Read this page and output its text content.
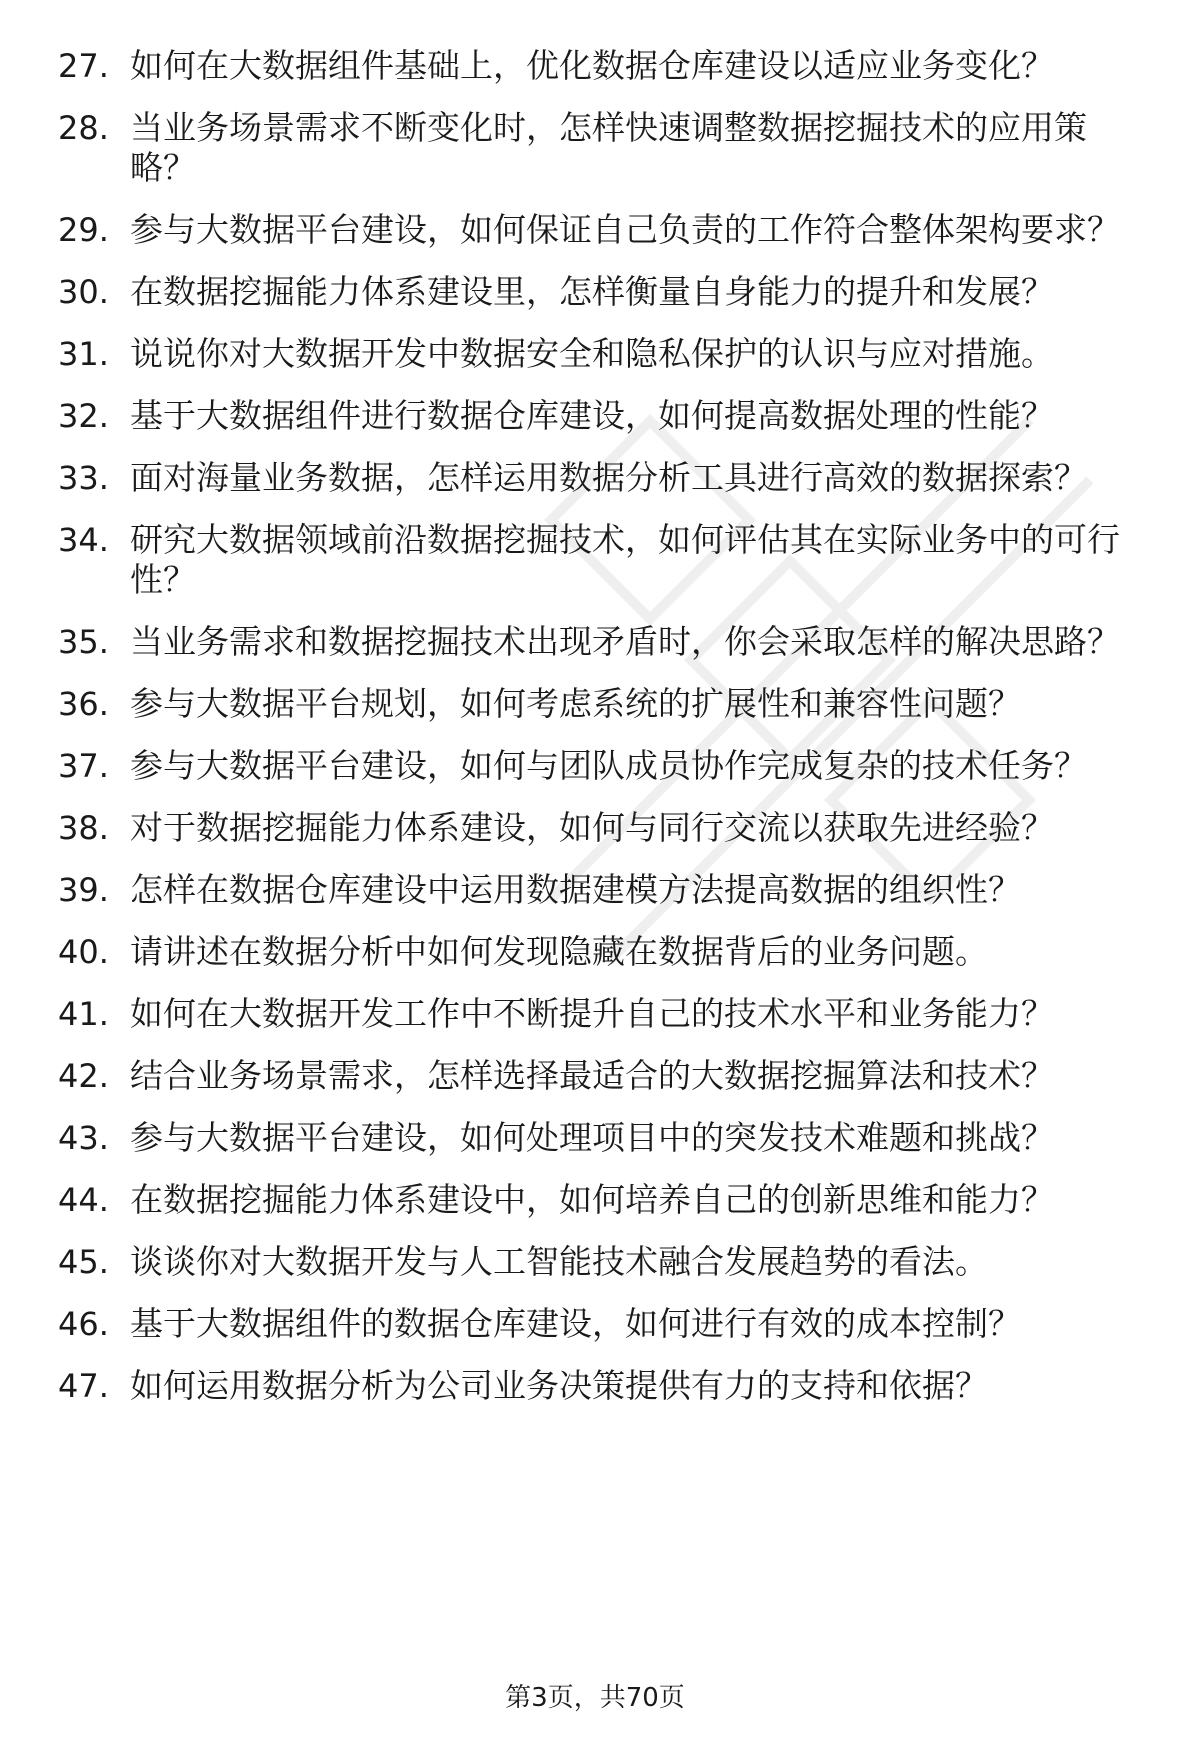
27. 如何在大数据组件基础上，优化数据仓库建设以适应业务变化？
28. 当业务场景需求不断变化时，怎样快速调整数据挖掘技术的应用策略？
29. 参与大数据平台建设，如何保证自己负责的工作符合整体架构要求？
30. 在数据挖掘能力体系建设里，怎样衡量自身能力的提升和发展？
31. 说说你对大数据开发中数据安全和隐私保护的认识与应对措施。
32. 基于大数据组件进行数据仓库建设，如何提高数据处理的性能？
33. 面对海量业务数据，怎样运用数据分析工具进行高效的数据探索？
34. 研究大数据领域前沿数据挖掘技术，如何评估其在实际业务中的可行性？
35. 当业务需求和数据挖掘技术出现矛盾时，你会采取怎样的解决思路？
36. 参与大数据平台规划，如何考虑系统的扩展性和兼容性问题？
37. 参与大数据平台建设，如何与团队成员协作完成复杂的技术任务？
38. 对于数据挖掘能力体系建设，如何与同行交流以获取先进经验？
39. 怎样在数据仓库建设中运用数据建模方法提高数据的组织性？
40. 请讲述在数据分析中如何发现隐藏在数据背后的业务问题。
41. 如何在大数据开发工作中不断提升自己的技术水平和业务能力？
42. 结合业务场景需求，怎样选择最适合的大数据挖掘算法和技术？
43. 参与大数据平台建设，如何处理项目中的突发技术难题和挑战？
44. 在数据挖掘能力体系建设中，如何培养自己的创新思维和能力？
45. 谈谈你对大数据开发与人工智能技术融合发展趋势的看法。
46. 基于大数据组件的数据仓库建设，如何进行有效的成本控制？
47. 如何运用数据分析为公司业务决策提供有力的支持和依据？
第3页，共70页
